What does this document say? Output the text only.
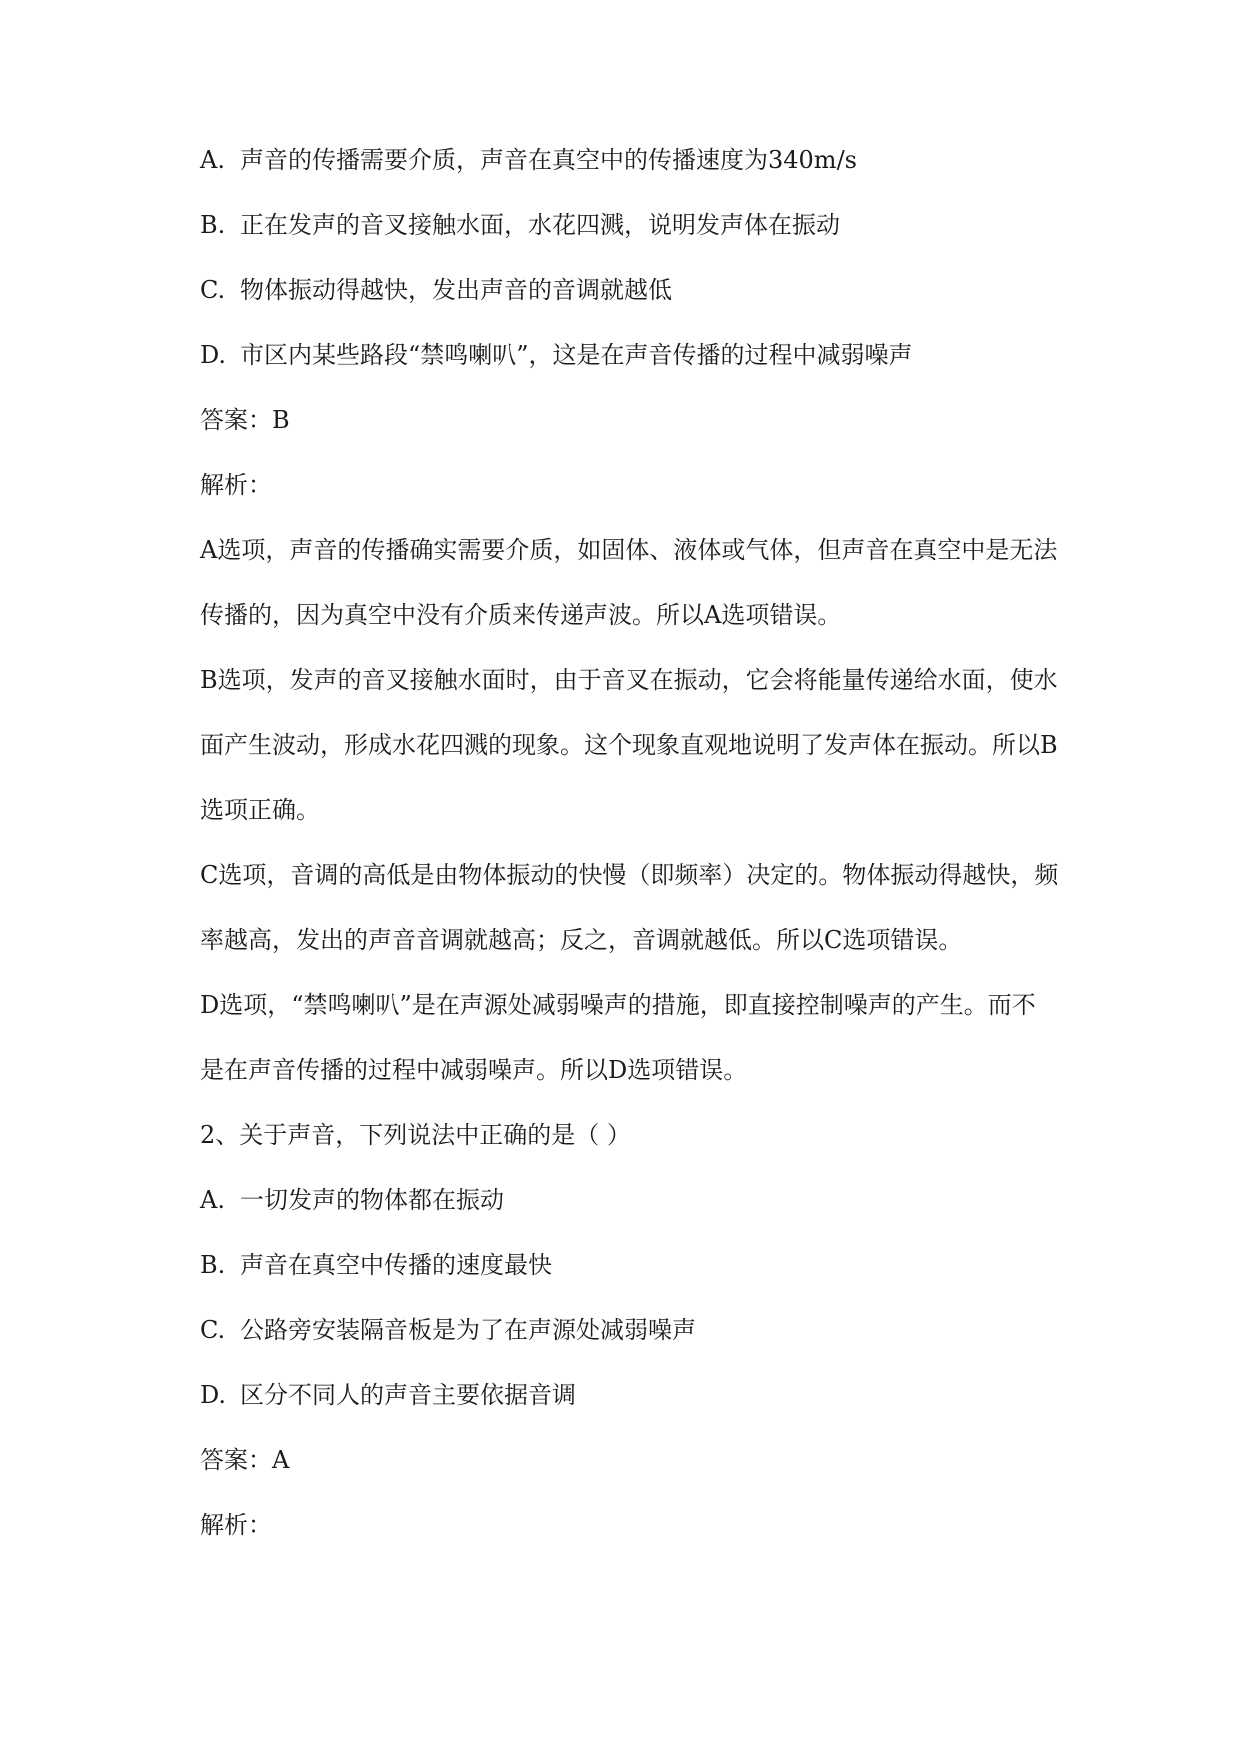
A. 声音的传播需要介质，声音在真空中的传播速度为340m/s
B. 正在发声的音叉接触水面，水花四溅，说明发声体在振动
C. 物体振动得越快，发出声音的音调就越低
D. 市区内某些路段“禁鸣喇叭”，这是在声音传播的过程中减弱噪声
答案：B
解析：
A选项，声音的传播确实需要介质，如固体、液体或气体，但声音在真空中是无法
传播的，因为真空中没有介质来传递声波。所以A选项错误。
B选项，发声的音叉接触水面时，由于音叉在振动，它会将能量传递给水面，使水
面产生波动，形成水花四溅的现象。这个现象直观地说明了发声体在振动。所以B
选项正确。
C选项，音调的高低是由物体振动的快慢（即频率）决定的。物体振动得越快，频
率越高，发出的声音音调就越高；反之，音调就越低。所以C选项错误。
D选项，“禁鸣喇叭”是在声源处减弱噪声的措施，即直接控制噪声的产生。而不
是在声音传播的过程中减弱噪声。所以D选项错误。
2、关于声音，下列说法中正确的是（ ）
A. 一切发声的物体都在振动
B. 声音在真空中传播的速度最快
C. 公路旁安装隔音板是为了在声源处减弱噪声
D. 区分不同人的声音主要依据音调
答案：A
解析：
